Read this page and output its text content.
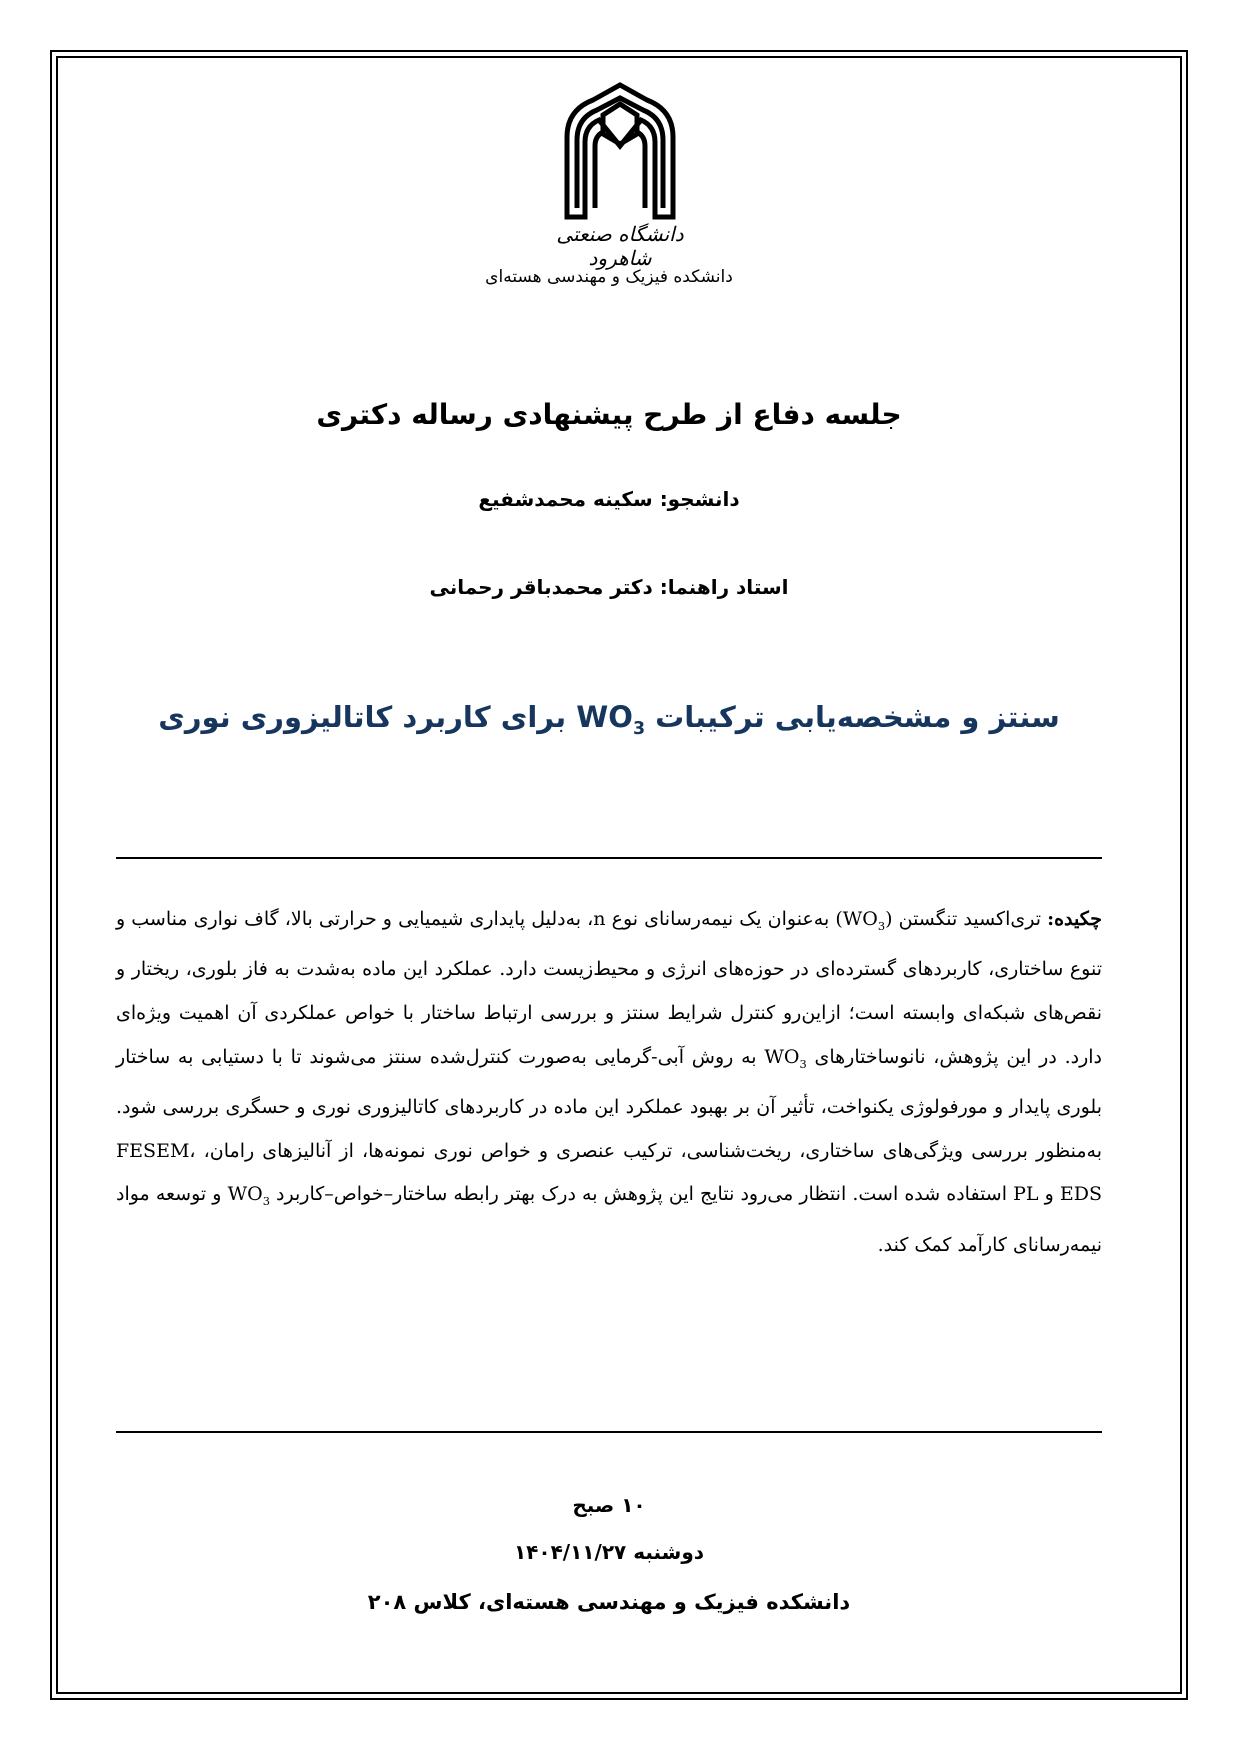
دانشگاه صنعتی شاهرود
دانشکده فیزیک و مهندسی هسته‌ای
جلسه دفاع از طرح پیشنهادی رساله دکتری
دانشجو: سکینه محمدشفیع
استاد راهنما: دکتر محمدباقر رحمانی
سنتز و مشخصه‌یابی ترکیبات $WO_3$ برای کاربرد کاتالیزوری نوری
چکیده: تری‌اکسید تنگستن $(WO_3)$ به‌عنوان یک نیمه‌رسانای نوع n، به‌دلیل پایداری شیمیایی و حرارتی بالا، گاف نواری مناسب و تنوع ساختاری، کاربردهای گسترده‌ای در حوزه‌های انرژی و محیط‌زیست دارد. عملکرد این ماده به‌شدت به فاز بلوری، ریختار و نقص‌های شبکه‌ای وابسته است؛ ازاین‌رو کنترل شرایط سنتز و بررسی ارتباط ساختار با خواص عملکردی آن اهمیت ویژه‌ای دارد. در این پژوهش، نانوساختارهای $WO_3$ به روش آبی-گرمایی به‌صورت کنترل‌شده سنتز می‌شوند تا با دستیابی به ساختار بلوری پایدار و مورفولوژی یکنواخت، تأثیر آن بر بهبود عملکرد این ماده در کاربردهای کاتالیزوری نوری و حسگری بررسی شود. به‌منظور بررسی ویژگی‌های ساختاری، ریخت‌شناسی، ترکیب عنصری و خواص نوری نمونه‌ها، از آنالیزهای رامان، FESEM، EDS و PL استفاده شده است. انتظار می‌رود نتایج این پژوهش به درک بهتر رابطه ساختار–خواص–کاربرد $WO_3$ و توسعه مواد نیمه‌رسانای کارآمد کمک کند.
۱۰ صبح
دوشنبه ۱۴۰۴/۱۱/۲۷
دانشکده فیزیک و مهندسی هسته‌ای، کلاس ۲۰۸
